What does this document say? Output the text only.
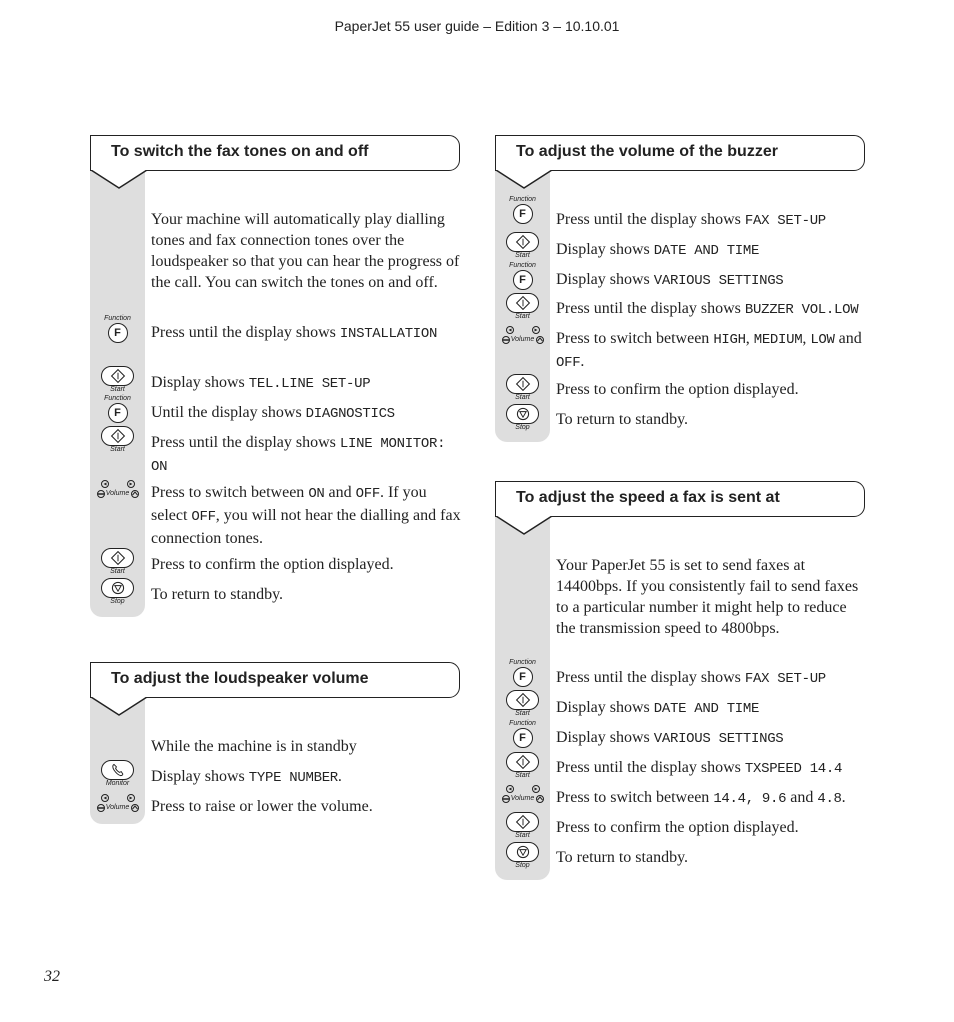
PaperJet 55 user guide – Edition 3 – 10.10.01
To switch the fax tones on and off
Your machine will automatically play dialling tones and fax connection tones over the loudspeaker so that you can hear the progress of the call. You can switch the tones on and off.
Function
F	Press until the display shows INSTALLATION
Start Display shows TEL.LINE SET-UP
Function
F	Until the display shows DIAGNOSTICS
Start Press until the display shows LINE MONITOR: ON
Volume Press to switch between ON and OFF. If you select OFF, you will not hear the dialling and fax connection tones.
Start Press to confirm the option displayed.
Stop To return to standby.
To adjust the loudspeaker volume
While the machine is in standby
Monitor Display shows TYPE NUMBER.
Volume Press to raise or lower the volume.
To adjust the volume of the buzzer
Function
F	Press until the display shows FAX SET-UP
Start Display shows DATE AND TIME
Function
F	Display shows VARIOUS SETTINGS
Start Press until the display shows BUZZER VOL.LOW
Volume Press to switch between HIGH, MEDIUM, LOW and OFF.
Start Press to confirm the option displayed.
Stop To return to standby.
To adjust the speed a fax is sent at
Your PaperJet 55 is set to send faxes at 14400bps. If you consistently fail to send faxes to a particular number it might help to reduce the transmission speed to 4800bps.
Function
F	Press until the display shows FAX SET-UP
Start Display shows DATE AND TIME
Function
F	Display shows VARIOUS SETTINGS
Start Press until the display shows TXSPEED 14.4
Volume Press to switch between 14.4, 9.6 and 4.8.
Start Press to confirm the option displayed.
Stop To return to standby.
32
